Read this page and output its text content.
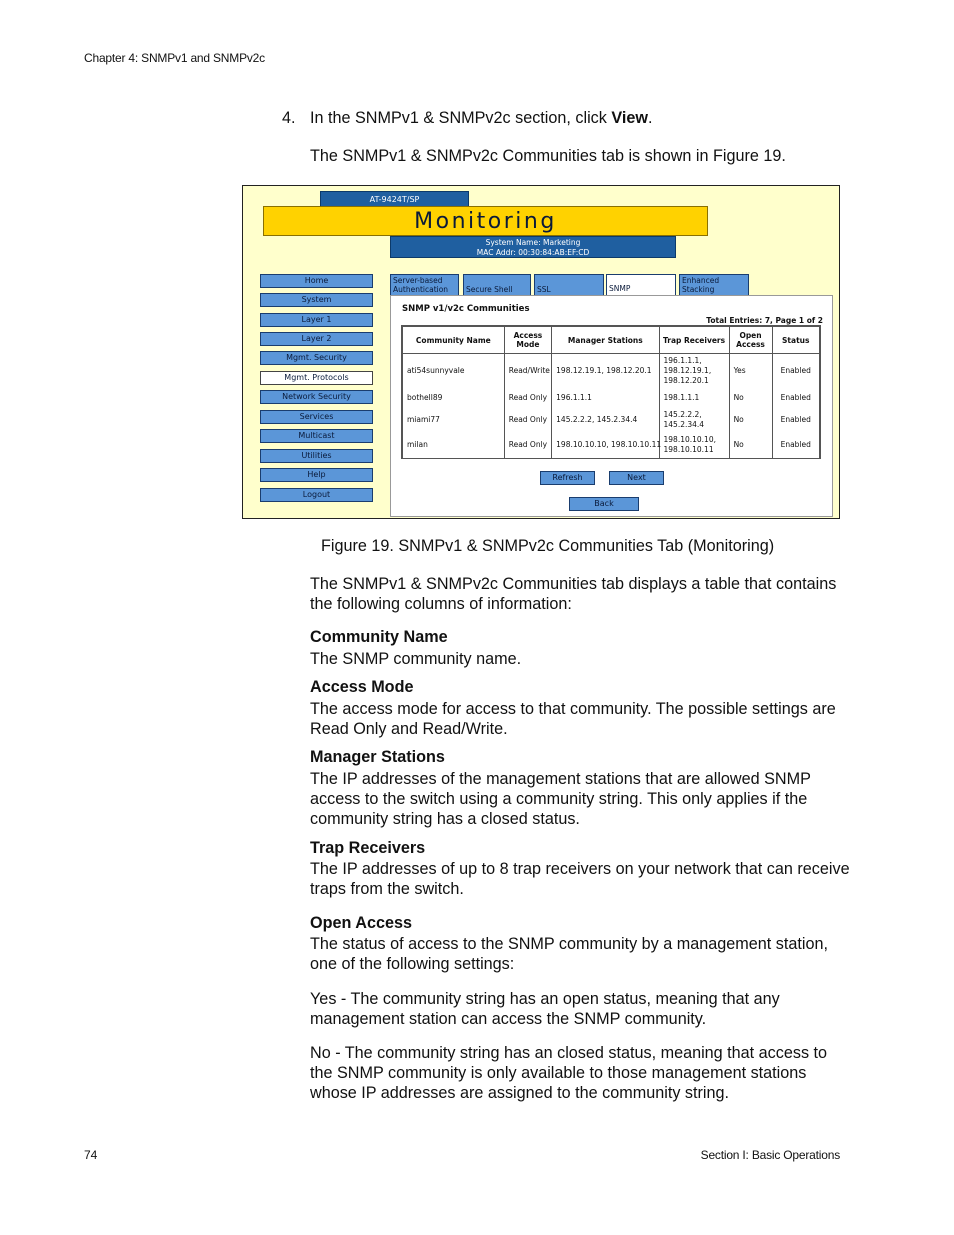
Chapter 4: SNMPv1 and SNMPv2c
4. In the SNMPv1 & SNMPv2c section, click View.
The SNMPv1 & SNMPv2c Communities tab is shown in Figure 19.
AT-9424T/SP
Monitoring
System Name: Marketing
MAC Addr: 00:30:84:AB:EF:CD
Home
System
Layer 1
Layer 2
Mgmt. Security
Mgmt. Protocols
Network Security
Services
Multicast
Utilities
Help
Logout
Server-based
Authentication	Secure Shell	SSL	SNMP
Enhanced
Stacking
SNMP v1/v2c Communities
Total Entries: 7, Page 1 of 2
Community Name	Access Mode	Manager Stations	Trap Receivers	Open Access	Status
ati54sunnyvale	Read/Write	198.12.19.1, 198.12.20.1	196.1.1.1,
198.12.19.1,
198.12.20.1	Yes	Enabled
bothell89	Read Only	196.1.1.1	198.1.1.1	No	Enabled
miami77	Read Only	145.2.2.2, 145.2.34.4	145.2.2.2,
145.2.34.4	No	Enabled
milan	Read Only	198.10.10.10, 198.10.10.11	198.10.10.10,
198.10.10.11	No	Enabled

Refresh	Next
Back
Figure 19. SNMPv1 & SNMPv2c Communities Tab (Monitoring)
The SNMPv1 & SNMPv2c Communities tab displays a table that contains the following columns of information:
Community Name
The SNMP community name.
Access Mode
The access mode for access to that community. The possible settings are Read Only and Read/Write.
Manager Stations
The IP addresses of the management stations that are allowed SNMP access to the switch using a community string. This only applies if the community string has a closed status.
Trap Receivers
The IP addresses of up to 8 trap receivers on your network that can receive traps from the switch.
Open Access
The status of access to the SNMP community by a management station, one of the following settings:
Yes - The community string has an open status, meaning that any management station can access the SNMP community.
No - The community string has an closed status, meaning that access to the SNMP community is only available to those management stations whose IP addresses are assigned to the community string.
74	Section I: Basic Operations
